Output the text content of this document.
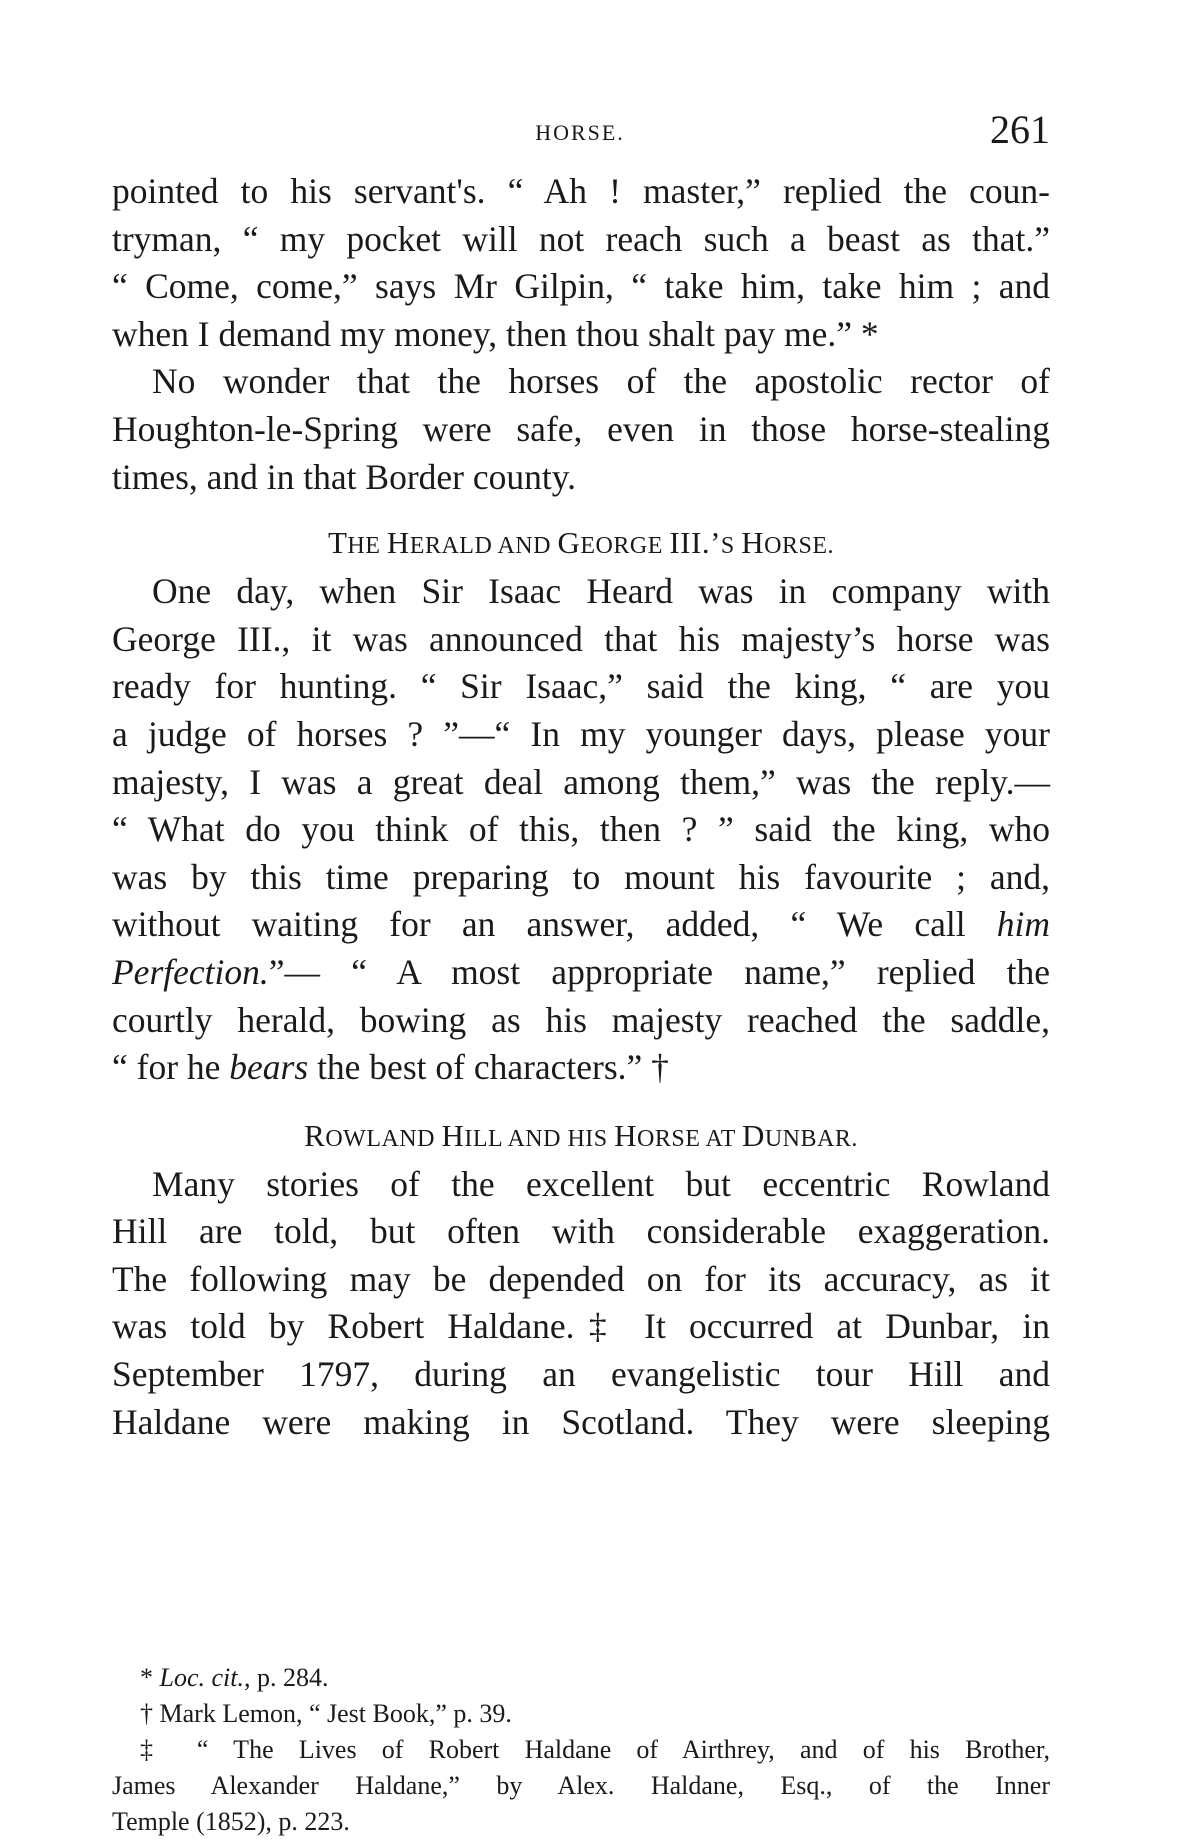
HORSE.	261
pointed to his servant's. “ Ah ! master,” replied the coun-
tryman, “ my pocket will not reach such a beast as that.”
“ Come, come,” says Mr Gilpin, “ take him, take him ; and
when I demand my money, then thou shalt pay me.” *
No wonder that the horses of the apostolic rector of
Houghton-le-Spring were safe, even in those horse-stealing
times, and in that Border county.
THE HERALD AND GEORGE III.’S HORSE.
One day, when Sir Isaac Heard was in company with
George III., it was announced that his majesty’s horse was
ready for hunting. “ Sir Isaac,” said the king, “ are you
a judge of horses ? ”—“ In my younger days, please your
majesty, I was a great deal among them,” was the reply.—
“ What do you think of this, then ? ” said the king, who
was by this time preparing to mount his favourite ; and,
without waiting for an answer, added, “ We call him
Perfection.”— “ A most appropriate name,” replied the
courtly herald, bowing as his majesty reached the saddle,
“ for he bears the best of characters.” †
ROWLAND HILL AND HIS HORSE AT DUNBAR.
Many stories of the excellent but eccentric Rowland
Hill are told, but often with considerable exaggeration.
The following may be depended on for its accuracy, as it
was told by Robert Haldane.‡ It occurred at Dunbar, in
September 1797, during an evangelistic tour Hill and
Haldane were making in Scotland. They were sleeping
* Loc. cit., p. 284.
† Mark Lemon, “ Jest Book,” p. 39.
‡ “ The Lives of Robert Haldane of Airthrey, and of his Brother,
James Alexander Haldane,” by Alex. Haldane, Esq., of the Inner
Temple (1852), p. 223.
